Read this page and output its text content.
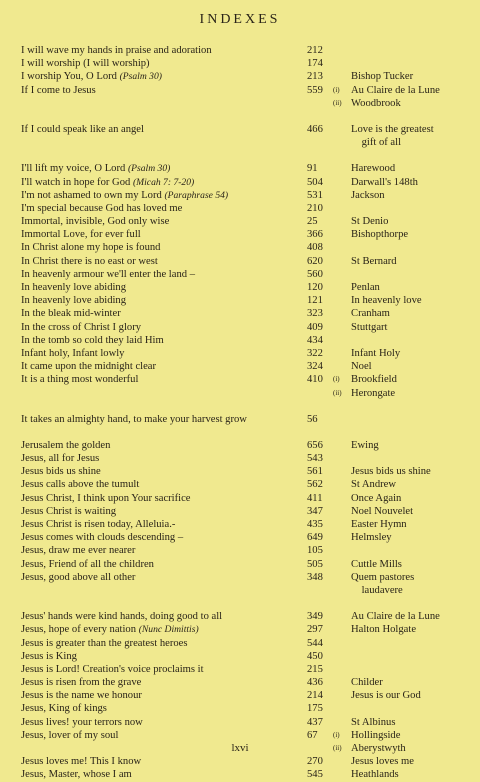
INDEXES
I will wave my hands in praise and adoration	212
I will worship (I will worship)	174
I worship You, O Lord (Psalm 30)	213	Bishop Tucker
If I come to Jesus	559 (i) Au Claire de la Lune
(ii) Woodbrook
If I could speak like an angel	466	Love is the greatest
gift of all
I'll lift my voice, O Lord (Psalm 30)	91	Harewood
I'll watch in hope for God (Micah 7: 7-20)	504	Darwall's 148th
I'm not ashamed to own my Lord (Paraphrase 54)	531	Jackson
I'm special because God has loved me	210
Immortal, invisible, God only wise	25	St Denio
Immortal Love, for ever full	366	Bishopthorpe
In Christ alone my hope is found	408
In Christ there is no east or west	620	St Bernard
In heavenly armour we'll enter the land –	560
In heavenly love abiding	120	Penlan
In heavenly love abiding	121	In heavenly love
In the bleak mid-winter	323	Cranham
In the cross of Christ I glory	409	Stuttgart
In the tomb so cold they laid Him	434
Infant holy, Infant lowly	322	Infant Holy
It came upon the midnight clear	324	Noel
It is a thing most wonderful	410 (i) Brookfield
(ii) Herongate
It takes an almighty hand, to make your harvest grow	56
Jerusalem the golden	656	Ewing
Jesus, all for Jesus	543
Jesus bids us shine	561	Jesus bids us shine
Jesus calls above the tumult	562	St Andrew
Jesus Christ, I think upon Your sacrifice	411	Once Again
Jesus Christ is waiting	347	Noel Nouvelet
Jesus Christ is risen today, Alleluia.-	435	Easter Hymn
Jesus comes with clouds descending –	649	Helmsley
Jesus, draw me ever nearer	105
Jesus, Friend of all the children	505	Cuttle Mills
Jesus, good above all other	348	Quem pastores
laudavere
Jesus' hands were kind hands, doing good to all	349	Au Claire de la Lune
Jesus, hope of every nation (Nunc Dimittis)	297	Halton Holgate
Jesus is greater than the greatest heroes	544
Jesus is King	450
Jesus is Lord! Creation's voice proclaims it	215
Jesus is risen from the grave	436	Childer
Jesus is the name we honour	214	Jesus is our God
Jesus, King of kings	175
Jesus lives! your terrors now	437	St Albinus
Jesus, lover of my soul	67 (i) Hollingside
(ii) Aberystwyth
Jesus loves me! This I know	270	Jesus loves me
Jesus, Master, whose I am	545	Heathlands
lxvi
